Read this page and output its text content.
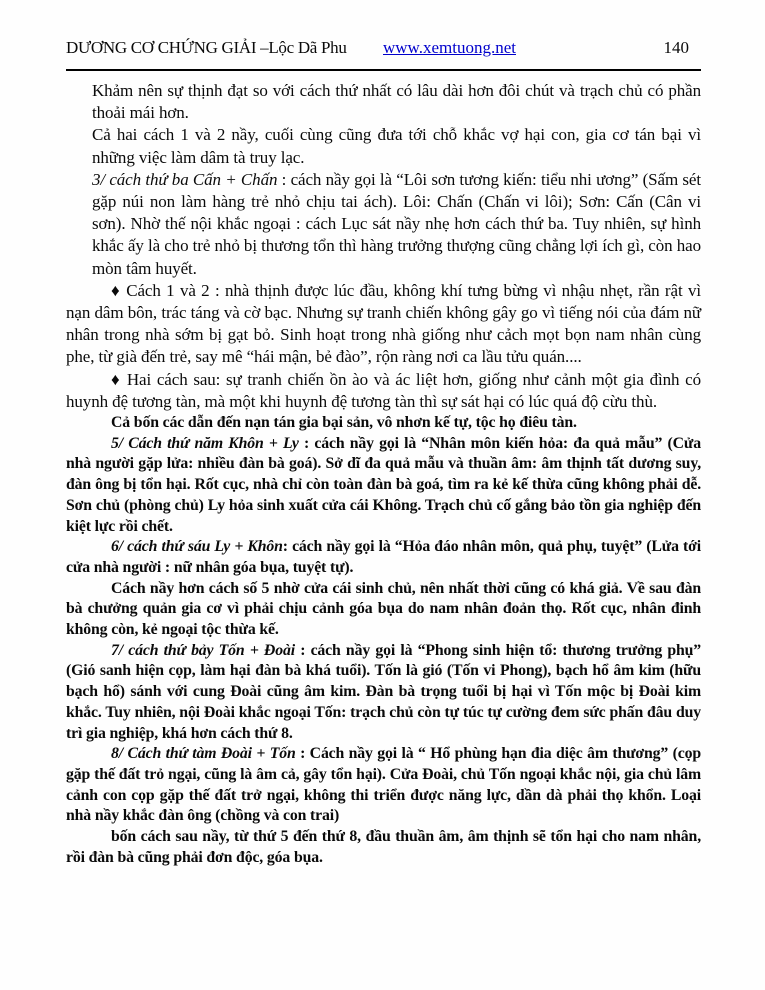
DƯƠNG CƠ CHỨNG GIẢI –Lộc Dã Phu	www.xemtuong.net	140

Khảm nên sự thịnh đạt so với cách thứ nhất có lâu dài hơn đôi chút và trạch chủ có phần thoải mái hơn.

Cả hai cách 1 và 2 nầy, cuối cùng cũng đưa tới chỗ khắc vợ hại con, gia cơ tán bại vì những việc làm dâm tà truy lạc.

3/ cách thứ ba Cấn + Chấn : cách nầy gọi là “Lôi sơn tương kiến: tiểu nhi ương” (Sấm sét gặp núi non làm hàng trẻ nhỏ chịu tai ách). Lôi: Chấn (Chấn vi lôi); Sơn: Cấn (Cân vi sơn). Nhờ thế nội khắc ngoại : cách Lục sát nầy nhẹ hơn cách thứ ba. Tuy nhiên, sự hình khắc ấy là cho trẻ nhỏ bị thương tổn thì hàng trưởng thượng cũng chẳng lợi ích gì, còn hao mòn tâm huyết.

♦ Cách 1 và 2 : nhà thịnh được lúc đầu, không khí tưng bừng vì nhậu nhẹt, rần rật vì nạn dâm bôn, trác táng và cờ bạc. Nhưng sự tranh chiến không gây go vì tiếng nói của đám nữ nhân trong nhà sớm bị gạt bỏ. Sinh hoạt trong nhà giống như cảch mọt bọn nam nhân cùng phe, từ già đến trẻ, say mê “hái mận, bẻ đào”, rộn ràng nơi ca lầu tửu quán....

♦ Hai cách sau: sự tranh chiến ồn ào và ác liệt hơn, giống như cảnh một gia đình có huynh đệ tương tàn, mà một khi huynh đệ tương tàn thì sự sát hại có lúc quá độ cừu thù.

Cả bốn các dẫn đến nạn tán gia bại sản, vô nhơn kế tự, tộc họ điêu tàn.

5/ Cách thứ năm Khôn + Ly : cách nầy gọi là “Nhân môn kiến hỏa: đa quả mẫu” (Cửa nhà người gặp lửa: nhiều đàn bà goá). Sở dĩ đa quả mẫu và thuần âm: âm thịnh tất dương suy, đàn ông bị tổn hại. Rốt cục, nhà chỉ còn toàn đàn bà goá, tìm ra kẻ kế thừa cũng không phải dễ. Sơn chủ (phòng chủ) Ly hỏa sinh xuất cửa cái Không. Trạch chủ cố gắng bảo tồn gia nghiệp đến kiệt lực rồi chết.

6/ cách thứ sáu Ly + Khôn: cách nầy gọi là “Hỏa đáo nhân môn, quả phụ, tuyệt” (Lửa tới cửa nhà người : nữ nhân góa bụa, tuyệt tự).

Cách nầy hơn cách số 5 nhờ cửa cái sinh chủ, nên nhất thời cũng có khá giả. Về sau đàn bà chưởng quản gia cơ vì phải chịu cảnh góa bụa do nam nhân đoản thọ. Rốt cục, nhân đinh không còn, kẻ ngoại tộc thừa kế.

7/ cách thứ bảy Tốn + Đoài : cách nầy gọi là “Phong sinh hiện tổ: thương trưởng phụ” (Gió sanh hiện cọp, làm hại đàn bà khá tuổi). Tốn là gió (Tốn vi Phong), bạch hổ âm kim (hữu bạch hổ) sánh với cung Đoài cũng âm kim. Đàn bà trọng tuổi bị hại vì Tốn mộc bị Đoài kim khắc. Tuy nhiên, nội Đoài khắc ngoại Tốn: trạch chủ còn tự túc tự cường đem sức phấn đâu duy trì gia nghiệp, khá hơn cách thứ 8.

8/ Cách thứ tàm Đoài + Tốn : Cách nầy gọi là “ Hổ phùng hạn đia diệc âm thương” (cọp gặp thế đất trỏ ngại, cũng là âm cả, gây tổn hại). Cửa Đoài, chủ Tốn ngoại khắc nội, gia chủ lâm cảnh con cọp gặp thế đất trở ngại, không thi triển được năng lực, dần dà phải thọ khổn. Loại nhà nầy khắc đàn ông (chồng và con trai)

bốn cách sau nầy, từ thứ 5 đến thứ 8, đầu thuần âm, âm thịnh sẽ tổn hại cho nam nhân, rồi đàn bà cũng phải đơn độc, góa bụa.
